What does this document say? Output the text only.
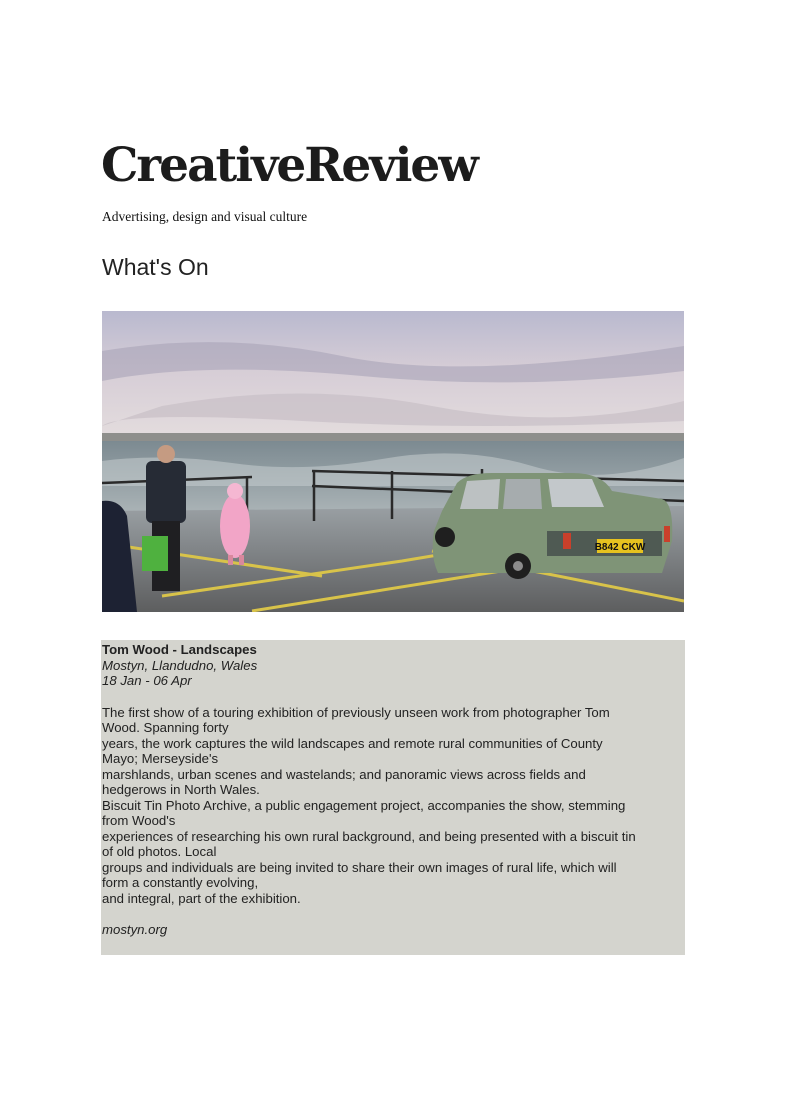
CreativeReview
Advertising, design and visual culture
What's On
B842 CKW
Tom Wood - Landscapes
Mostyn, Llandudno, Wales
18 Jan - 06 Apr
The first show of a touring exhibition of previously unseen work from photographer Tom
Wood. Spanning forty
years, the work captures the wild landscapes and remote rural communities of County
Mayo; Merseyside's
marshlands, urban scenes and wastelands; and panoramic views across fields and
hedgerows in North Wales.
Biscuit Tin Photo Archive, a public engagement project, accompanies the show, stemming
from Wood's
experiences of researching his own rural background, and being presented with a biscuit tin
of old photos. Local
groups and individuals are being invited to share their own images of rural life, which will
form a constantly evolving,
and integral, part of the exhibition.
mostyn.org
